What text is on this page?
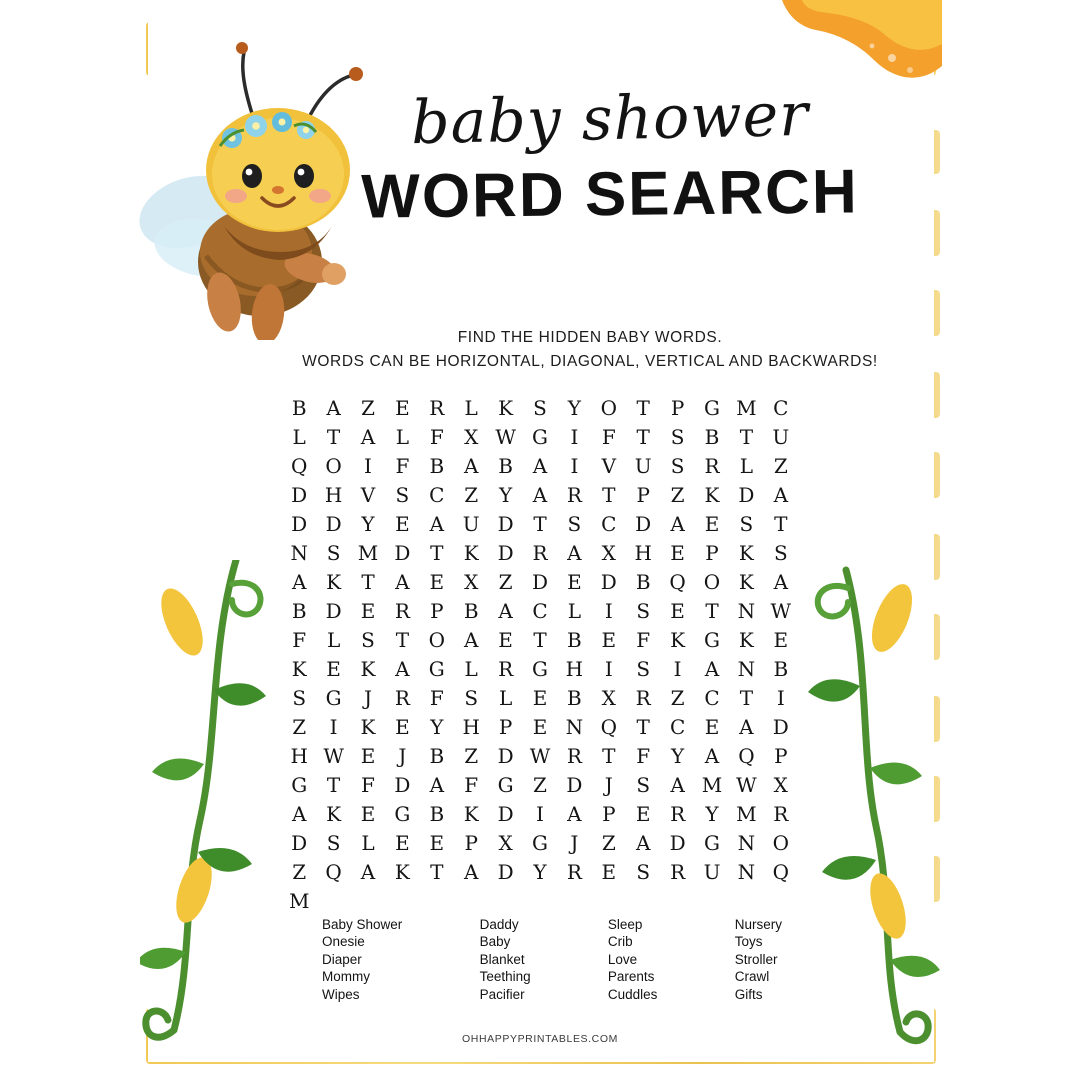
baby shower
WORD SEARCH
FIND THE HIDDEN BABY WORDS.
WORDS CAN BE HORIZONTAL, DIAGONAL, VERTICAL AND BACKWARDS!
B A	Z	E R	L	K	S	Y O T	P G M C
L	T	A	L	F	X W G	I	F	T	S	B	T U
Q O	I	F	B A B A	I	V U S	R	L	Z
D H V	S C Z	Y	A R	T	P	Z K D A
D D Y	E A U D T	S C D A E	S	T
N S M D T	K D R A	X H E	P	K	S
A K	T	A E X	Z D E D B Q O K A
B D E R	P	B A C	L	I	S	E	T N W
F	L	S	T O A E	T	B E	F K G K E
K E K A G L	R G H	I	S	I	A N B
S G	J	R F	S	L	E B X R Z C	T	I
Z	I	K E	Y H P	E N Q T	C E A D
H W E	J	B	Z D W R	T	F	Y	A Q P
G T	F D A	F G Z D	J	S	A M W X
A K E G B K D	I	A	P	E R	Y M R
D S	L	E E	P	X G	J	Z	A D G N O
Z Q A K	T	A D Y	R E	S	R U N Q
M
Baby Shower
Onesie
Diaper
Mommy
Wipes
Daddy
Baby
Blanket
Teething
Pacifier
Sleep
Crib
Love
Parents
Cuddles
Nursery
Toys
Stroller
Crawl
Gifts
OHHAPPYPRINTABLES.COM
